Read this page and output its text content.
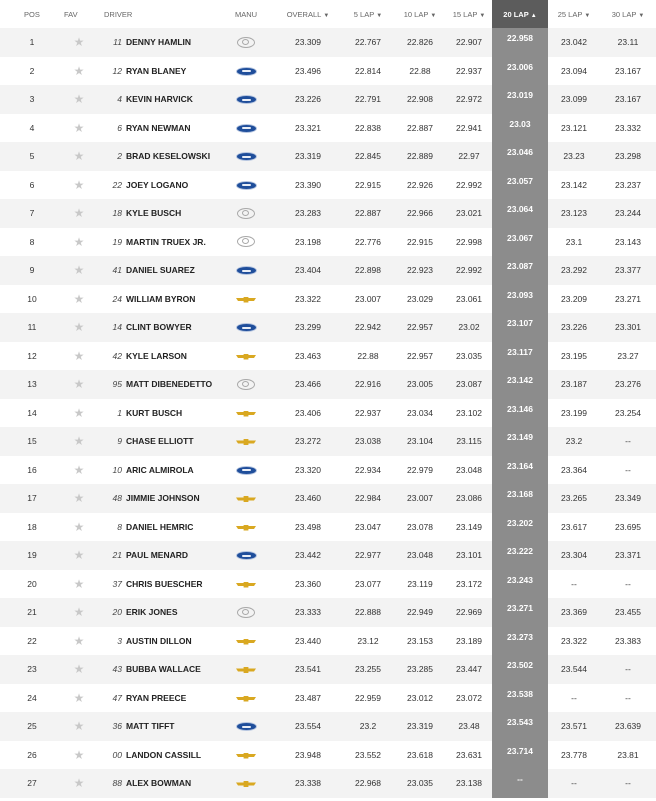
POS	FAV	DRIVER	MANU	OVERALL ▼	5 LAP ▼	10 LAP ▼	15 LAP ▼	20 LAP ▲	25 LAP ▼	30 LAP ▼
1	★	11 DENNY HAMLIN		23.309	22.767	22.826	22.907	22.958	23.042	23.11
2	★	12 RYAN BLANEY		23.496	22.814	22.88	22.937	23.006	23.094	23.167
3	★	4 KEVIN HARVICK		23.226	22.791	22.908	22.972	23.019	23.099	23.167
4	★	6 RYAN NEWMAN		23.321	22.838	22.887	22.941	23.03	23.121	23.332
5	★	2 BRAD KESELOWSKI		23.319	22.845	22.889	22.97	23.046	23.23	23.298
6	★	22 JOEY LOGANO		23.390	22.915	22.926	22.992	23.057	23.142	23.237
7	★	18 KYLE BUSCH		23.283	22.887	22.966	23.021	23.064	23.123	23.244
8	★	19 MARTIN TRUEX JR.		23.198	22.776	22.915	22.998	23.067	23.1	23.143
9	★	41 DANIEL SUAREZ		23.404	22.898	22.923	22.992	23.087	23.292	23.377
10	★	24 WILLIAM BYRON		23.322	23.007	23.029	23.061	23.093	23.209	23.271
11	★	14 CLINT BOWYER		23.299	22.942	22.957	23.02	23.107	23.226	23.301
12	★	42 KYLE LARSON		23.463	22.88	22.957	23.035	23.117	23.195	23.27
13	★	95 MATT DIBENEDETTO		23.466	22.916	23.005	23.087	23.142	23.187	23.276
14	★	1 KURT BUSCH		23.406	22.937	23.034	23.102	23.146	23.199	23.254
15	★	9 CHASE ELLIOTT		23.272	23.038	23.104	23.115	23.149	23.2	--
16	★	10 ARIC ALMIROLA		23.320	22.934	22.979	23.048	23.164	23.364	--
17	★	48 JIMMIE JOHNSON		23.460	22.984	23.007	23.086	23.168	23.265	23.349
18	★	8 DANIEL HEMRIC		23.498	23.047	23.078	23.149	23.202	23.617	23.695
19	★	21 PAUL MENARD		23.442	22.977	23.048	23.101	23.222	23.304	23.371
20	★	37 CHRIS BUESCHER		23.360	23.077	23.119	23.172	23.243	--	--
21	★	20 ERIK JONES		23.333	22.888	22.949	22.969	23.271	23.369	23.455
22	★	3 AUSTIN DILLON		23.440	23.12	23.153	23.189	23.273	23.322	23.383
23	★	43 BUBBA WALLACE		23.541	23.255	23.285	23.447	23.502	23.544	--
24	★	47 RYAN PREECE		23.487	22.959	23.012	23.072	23.538	--	--
25	★	36 MATT TIFFT		23.554	23.2	23.319	23.48	23.543	23.571	23.639
26	★	00 LANDON CASSILL		23.948	23.552	23.618	23.631	23.714	23.778	23.81
27	★	88 ALEX BOWMAN		23.338	22.968	23.035	23.138	--	--	--
